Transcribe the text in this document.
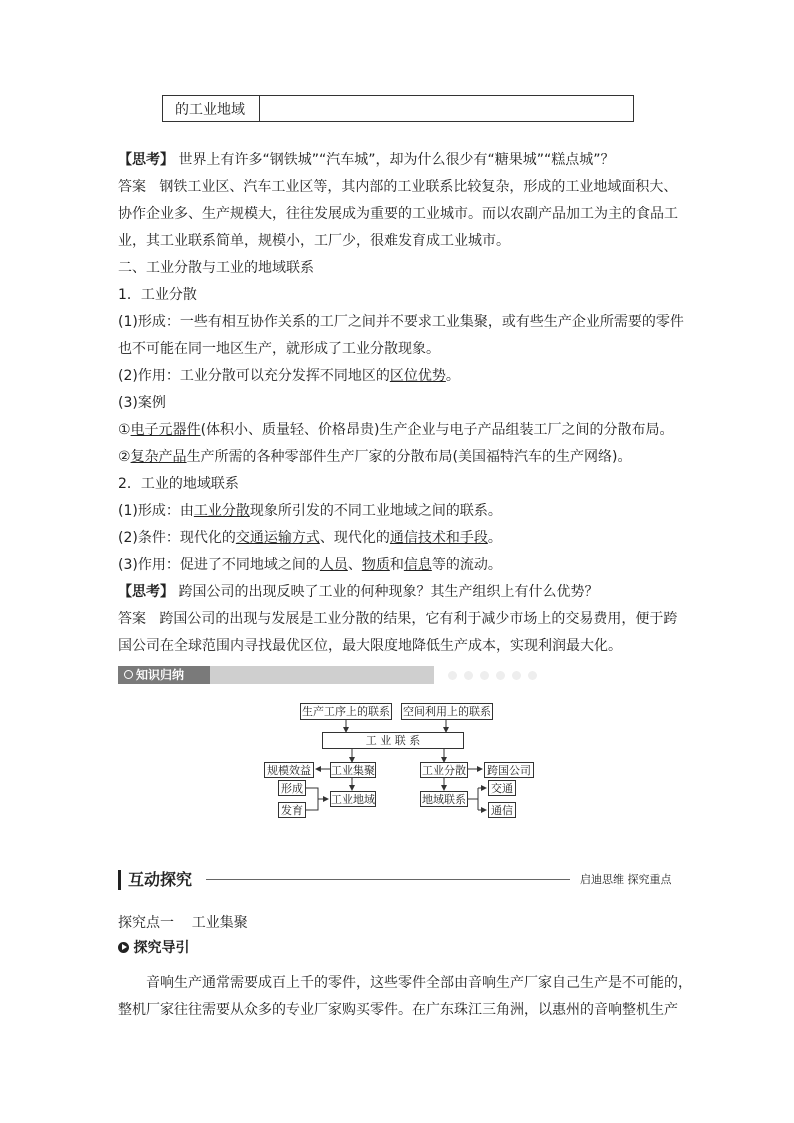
的工业地域
【思考】 世界上有许多“钢铁城”“汽车城”，却为什么很少有“糖果城”“糕点城”？
答案 钢铁工业区、汽车工业区等，其内部的工业联系比较复杂，形成的工业地域面积大、
协作企业多、生产规模大，往往发展成为重要的工业城市。而以农副产品加工为主的食品工
业，其工业联系简单，规模小，工厂少，很难发育成工业城市。
二、工业分散与工业的地域联系
1．工业分散
(1)形成：一些有相互协作关系的工厂之间并不要求工业集聚，或有些生产企业所需要的零件
也不可能在同一地区生产，就形成了工业分散现象。
(2)作用：工业分散可以充分发挥不同地区的区位优势。
(3)案例
①电子元器件(体积小、质量轻、价格昂贵)生产企业与电子产品组装工厂之间的分散布局。
②复杂产品生产所需的各种零部件生产厂家的分散布局(美国福特汽车的生产网络)。
2．工业的地域联系
(1)形成：由工业分散现象所引发的不同工业地域之间的联系。
(2)条件：现代化的交通运输方式、现代化的通信技术和手段。
(3)作用：促进了不同地域之间的人员、物质和信息等的流动。
【思考】 跨国公司的出现反映了工业的何种现象？其生产组织上有什么优势？
答案 跨国公司的出现与发展是工业分散的结果，它有利于减少市场上的交易费用，便于跨
国公司在全球范围内寻找最优区位，最大限度地降低生产成本，实现利润最大化。
知识归纳
生产工序上的联系 空间利用上的联系
工 业 联 系
工业集聚
规模效益
形成
发育
工业地域
工业分散 跨国公司
地域联系
交通
通信
互动探究	启迪思维 探究重点
探究点一    工业集聚
探究导引
音响生产通常需要成百上千的零件，这些零件全部由音响生产厂家自己生产是不可能的，
整机厂家往往需要从众多的专业厂家购买零件。在广东珠江三角洲，以惠州的音响整机生产
